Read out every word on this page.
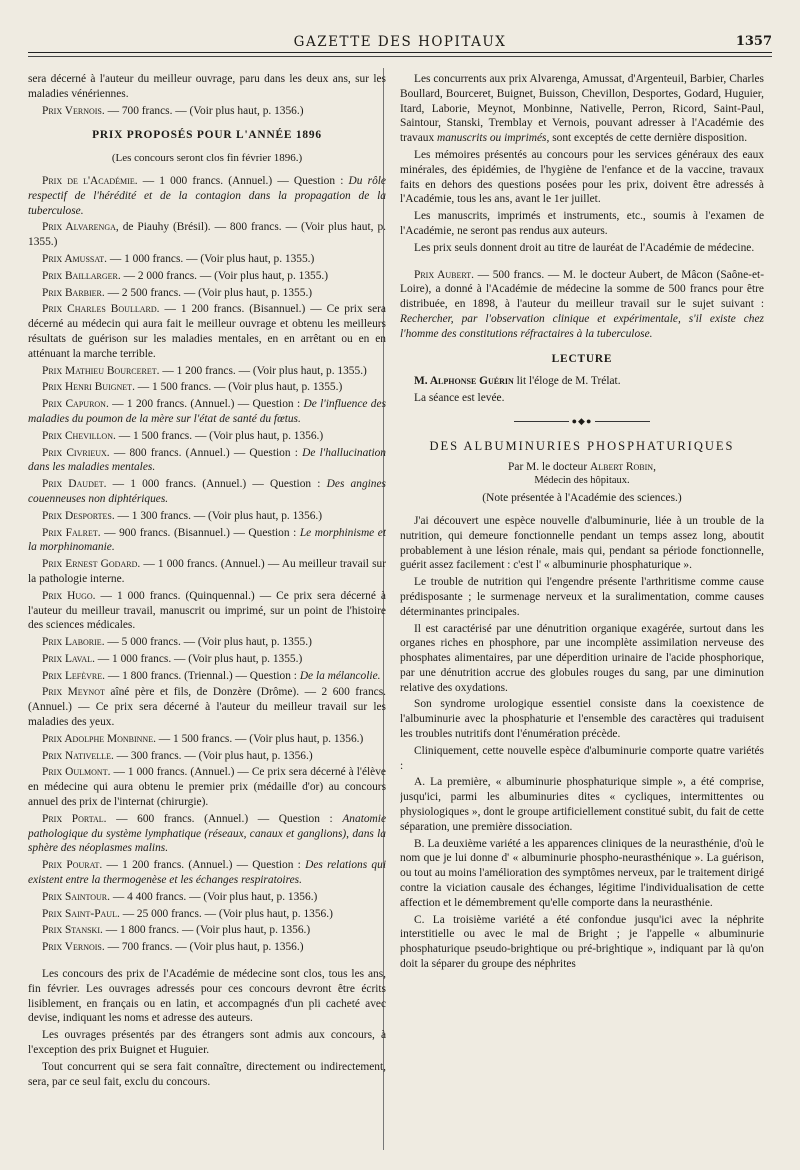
GAZETTE DES HOPITAUX	1357

sera décerné à l'auteur du meilleur ouvrage, paru dans les deux ans, sur les maladies vénériennes.

Prix Vernois. — 700 francs. — (Voir plus haut, p. 1356.)

PRIX PROPOSÉS POUR L'ANNÉE 1896
(Les concours seront clos fin février 1896.)

Prix de l'Académie. — 1 000 francs. (Annuel.) — Question : Du rôle respectif de l'hérédité et de la contagion dans la propagation de la tuberculose.

Prix Alvarenga, de Piauhy (Brésil). — 800 francs. — (Voir plus haut, p. 1355.)

Prix Amussat. — 1 000 francs. — (Voir plus haut, p. 1355.)

Prix Baillarger. — 2 000 francs. — (Voir plus haut, p. 1355.)

Prix Barbier. — 2 500 francs. — (Voir plus haut, p. 1355.)

Prix Charles Boullard. — 1 200 francs. (Bisannuel.) — Ce prix sera décerné au médecin qui aura fait le meilleur ouvrage et obtenu les meilleurs résultats de guérison sur les maladies mentales, en en arrêtant ou en en atténuant la marche terrible.

Prix Mathieu Bourceret. — 1 200 francs. — (Voir plus haut, p. 1355.)

Prix Henri Buignet. — 1 500 francs. — (Voir plus haut, p. 1355.)

Prix Capuron. — 1 200 francs. (Annuel.) — Question : De l'influence des maladies du poumon de la mère sur l'état de santé du fœtus.

Prix Chevillon. — 1 500 francs. — (Voir plus haut, p. 1356.)

Prix Civrieux. — 800 francs. (Annuel.) — Question : De l'hallucination dans les maladies mentales.

Prix Daudet. — 1 000 francs. (Annuel.) — Question : Des angines couenneuses non diphtériques.

Prix Desportes. — 1 300 francs. — (Voir plus haut, p. 1356.)

Prix Falret. — 900 francs. (Bisannuel.) — Question : Le morphinisme et la morphinomanie.

Prix Ernest Godard. — 1 000 francs. (Annuel.) — Au meilleur travail sur la pathologie interne.

Prix Hugo. — 1 000 francs. (Quinquennal.) — Ce prix sera décerné à l'auteur du meilleur travail, manuscrit ou imprimé, sur un point de l'histoire des sciences médicales.

Prix Laborie. — 5 000 francs. — (Voir plus haut, p. 1355.)

Prix Laval. — 1 000 francs. — (Voir plus haut, p. 1355.)

Prix Lefèvre. — 1 800 francs. (Triennal.) — Question : De la mélancolie.

Prix Meynot aîné père et fils, de Donzère (Drôme). — 2 600 francs. (Annuel.) — Ce prix sera décerné à l'auteur du meilleur travail sur les maladies des yeux.

Prix Adolphe Monbinne. — 1 500 francs. — (Voir plus haut, p. 1356.)

Prix Nativelle. — 300 francs. — (Voir plus haut, p. 1356.)

Prix Oulmont. — 1 000 francs. (Annuel.) — Ce prix sera décerné à l'élève en médecine qui aura obtenu le premier prix (médaille d'or) au concours annuel des prix de l'internat (chirurgie).

Prix Portal. — 600 francs. (Annuel.) — Question : Anatomie pathologique du système lymphatique (réseaux, canaux et ganglions), dans la sphère des néoplasmes malins.

Prix Pourat. — 1 200 francs. (Annuel.) — Question : Des relations qui existent entre la thermogenèse et les échanges respiratoires.

Prix Saintour. — 4 400 francs. — (Voir plus haut, p. 1356.)

Prix Saint-Paul. — 25 000 francs. — (Voir plus haut, p. 1356.)

Prix Stanski. — 1 800 francs. — (Voir plus haut, p. 1356.)

Prix Vernois. — 700 francs. — (Voir plus haut, p. 1356.)

Les concours des prix de l'Académie de médecine sont clos, tous les ans, fin février. Les ouvrages adressés pour ces concours devront être écrits lisiblement, en français ou en latin, et accompagnés d'un pli cacheté avec devise, indiquant les noms et adresse des auteurs.

Les ouvrages présentés par des étrangers sont admis aux concours, à l'exception des prix Buignet et Huguier.

Tout concurrent qui se sera fait connaître, directement ou indirectement, sera, par ce seul fait, exclu du concours.

Les concurrents aux prix Alvarenga, Amussat, d'Argenteuil, Barbier, Charles Boullard, Bourceret, Buignet, Buisson, Chevillon, Desportes, Godard, Huguier, Itard, Laborie, Meynot, Monbinne, Nativelle, Perron, Ricord, Saint-Paul, Saintour, Stanski, Tremblay et Vernois, pouvant adresser à l'Académie des travaux manuscrits ou imprimés, sont exceptés de cette dernière disposition.

Les mémoires présentés au concours pour les services généraux des eaux minérales, des épidémies, de l'hygiène de l'enfance et de la vaccine, travaux faits en dehors des questions posées pour les prix, doivent être adressés à l'Académie, tous les ans, avant le 1er juillet.

Les manuscrits, imprimés et instruments, etc., soumis à l'examen de l'Académie, ne seront pas rendus aux auteurs.

Les prix seuls donnent droit au titre de lauréat de l'Académie de médecine.

Prix Aubert. — 500 francs. — M. le docteur Aubert, de Mâcon (Saône-et-Loire), a donné à l'Académie de médecine la somme de 500 francs pour être distribuée, en 1898, à l'auteur du meilleur travail sur le sujet suivant : Rechercher, par l'observation clinique et expérimentale, s'il existe chez l'homme des constitutions réfractaires à la tuberculose.

LECTURE

M. Alphonse Guérin lit l'éloge de M. Trélat.

La séance est levée.

●◆●
DES ALBUMINURIES PHOSPHATURIQUES
Par M. le docteur Albert Robin,
Médecin des hôpitaux.
(Note présentée à l'Académie des sciences.)

J'ai découvert une espèce nouvelle d'albuminurie, liée à un trouble de la nutrition, qui demeure fonctionnelle pendant un temps assez long, aboutit probablement à une lésion rénale, mais qui, pendant sa période fonctionnelle, guérit assez facilement : c'est l' « albuminurie phosphaturique ».

Le trouble de nutrition qui l'engendre présente l'arthritisme comme cause prédisposante ; le surmenage nerveux et la suralimentation, comme causes déterminantes principales.

Il est caractérisé par une dénutrition organique exagérée, surtout dans les organes riches en phosphore, par une incomplète assimilation nerveuse des phosphates alimentaires, par une déperdition urinaire de l'acide phosphorique, par une dénutrition accrue des globules rouges du sang, par une diminution relative des oxydations.

Son syndrome urologique essentiel consiste dans la coexistence de l'albuminurie avec la phosphaturie et l'ensemble des caractères qui traduisent les troubles nutritifs dont l'énumération précède.

Cliniquement, cette nouvelle espèce d'albuminurie comporte quatre variétés :

A. La première, « albuminurie phosphaturique simple », a été comprise, jusqu'ici, parmi les albuminuries dites « cycliques, intermittentes ou physiologiques », dont le groupe artificiellement constitué subit, du fait de cette séparation, une première dissociation.

B. La deuxième variété a les apparences cliniques de la neurasthénie, d'où le nom que je lui donne d' « albuminurie phospho-neurasthénique ». La guérison, ou tout au moins l'amélioration des symptômes nerveux, par le traitement dirigé contre la viciation causale des échanges, légitime l'individualisation de cette affection et le démembrement qu'elle comporte dans la neurasthénie.

C. La troisième variété a été confondue jusqu'ici avec la néphrite interstitielle ou avec le mal de Bright ; je l'appelle « albuminurie phosphaturique pseudo-brightique ou pré-brightique », indiquant par là qu'on doit la séparer du groupe des néphrites
